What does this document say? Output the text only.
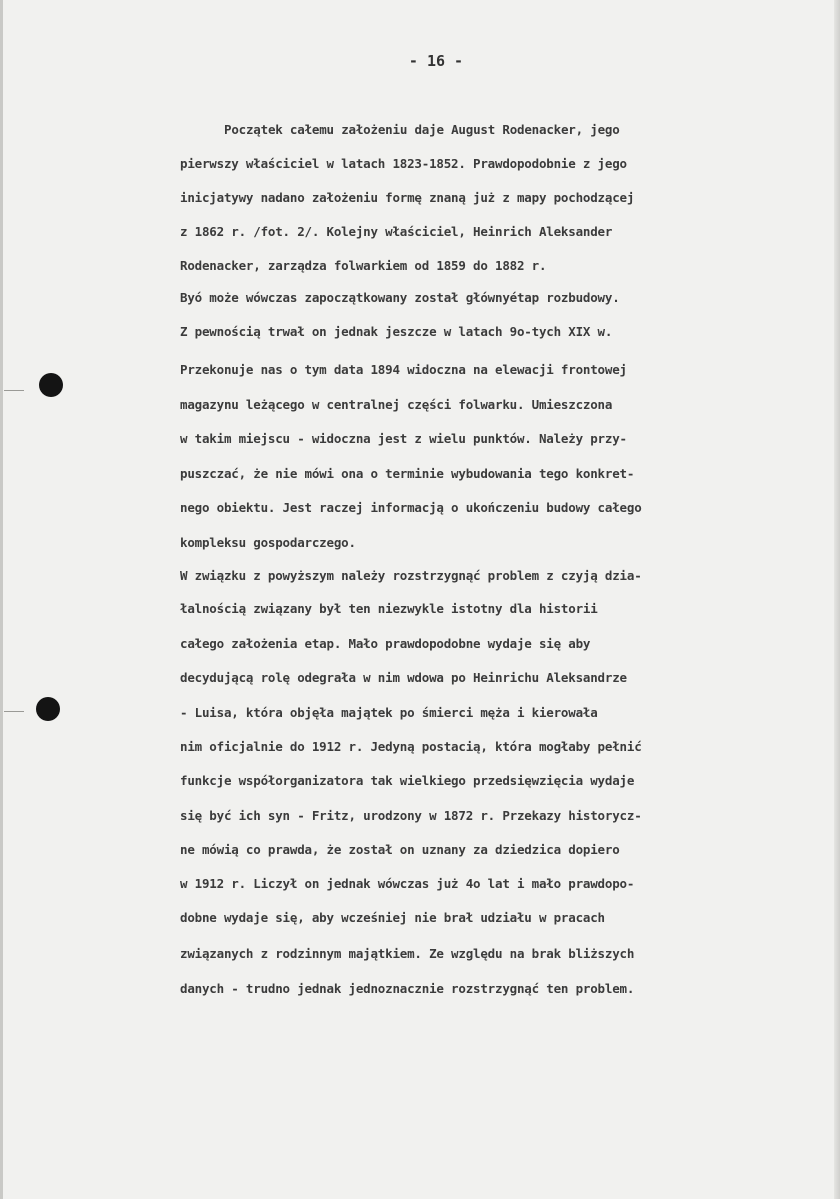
- 16 -
Początek całemu założeniu daje August Rodenacker, jego
pierwszy właściciel w latach 1823-1852. Prawdopodobnie z jego
inicjatywy nadano założeniu formę znaną już z mapy pochodzącej
z 1862 r. /fot. 2/. Kolejny właściciel, Heinrich Aleksander
Rodenacker, zarządza folwarkiem od 1859 do 1882 r.
Byó może wówczas zapoczątkowany został głównyétap rozbudowy.
Z pewnością trwał on jednak jeszcze w latach 9o-tych XIX w.
Przekonuje nas o tym data 1894 widoczna na elewacji frontowej
magazynu leżącego w centralnej części folwarku. Umieszczona
w takim miejscu - widoczna jest z wielu punktów. Należy przy-
puszczać, że nie mówi ona o terminie wybudowania tego konkret-
nego obiektu. Jest raczej informacją o ukończeniu budowy całego
kompleksu gospodarczego.
W związku z powyższym należy rozstrzygnąć problem z czyją dzia-
łalnością związany był ten niezwykle istotny dla historii
całego założenia etap. Mało prawdopodobne wydaje się aby
decydującą rolę odegrała w nim wdowa po Heinrichu Aleksandrze
- Luisa, która objęła majątek po śmierci męża i kierowała
nim oficjalnie do 1912 r. Jedyną postacią, która mogłaby pełnić
funkcje współorganizatora tak wielkiego przedsięwzięcia wydaje
się być ich syn - Fritz, urodzony w 1872 r. Przekazy historycz-
ne mówią co prawda, że został on uznany za dziedzica dopiero
w 1912 r. Liczył on jednak wówczas już 4o lat i mało prawdopo-
dobne wydaje się, aby wcześniej nie brał udziału w pracach
związanych z rodzinnym majątkiem. Ze względu na brak bliższych
danych - trudno jednak jednoznacznie rozstrzygnąć ten problem.
